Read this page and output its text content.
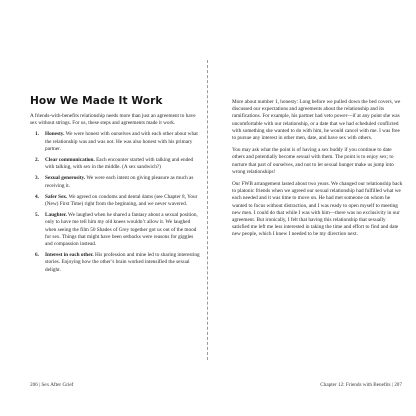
How We Made It Work

A friends-with-benefits relationship needs more than just an agreement to have sex without strings. For us, these steps and agreements made it work.

1. Honesty. We were honest with ourselves and with each other about what the relationship was and was not. He was also honest with his primary partner.
2. Clear communication. Each encounter started with talking and ended with talking, with sex in the middle. (A sex sandwich?)
3. Sexual generosity. We were each intent on giving pleasure as much as receiving it.
4. Safer Sex. We agreed on condoms and dental dams (see Chapter 8, Your (New) First Time) right from the beginning, and we never wavered.
5. Laughter. We laughed when he shared a fantasy about a sexual position, only to have me tell him my old knees wouldn’t allow it. We laughed when seeing the film 50 Shades of Grey together got us out of the mood for sex. Things that might have been setbacks were reasons for giggles and compassion instead.
6. Interest in each other. His profession and mine led to sharing interesting stories. Enjoying how the other’s brain worked intensified the sexual delight.
206 | Sex After Grief

More about number 1, honesty: Long before we pulled down the bed covers, we discussed our expectations and agreements about the relationship and its ramifications. For example, his partner had veto power—if at any point she was uncomfortable with our relationship, or a date that we had scheduled conflicted with something she wanted to do with him, he would cancel with me. I was free to pursue any interest in other men, date, and have sex with others.

You may ask what the point is of having a sex buddy if you continue to date others and potentially become sexual with them. The point is to enjoy sex; to nurture that part of ourselves, and not to let sexual hunger make us jump into wrong relationships!

Our FWB arrangement lasted about two years. We changed our relationship back to platonic friends when we agreed our sexual relationship had fulfilled what we each needed and it was time to move on. He had met someone on whom he wanted to focus without distraction, and I was ready to open myself to meeting new men. I could do that while I was with him—there was no exclusivity in our agreement. But ironically, I felt that having this relationship that sexually satisfied me left me less interested in taking the time and effort to find and date new people, which I knew I needed to be my direction next.

Chapter 12: Friends with Benefits | 207
